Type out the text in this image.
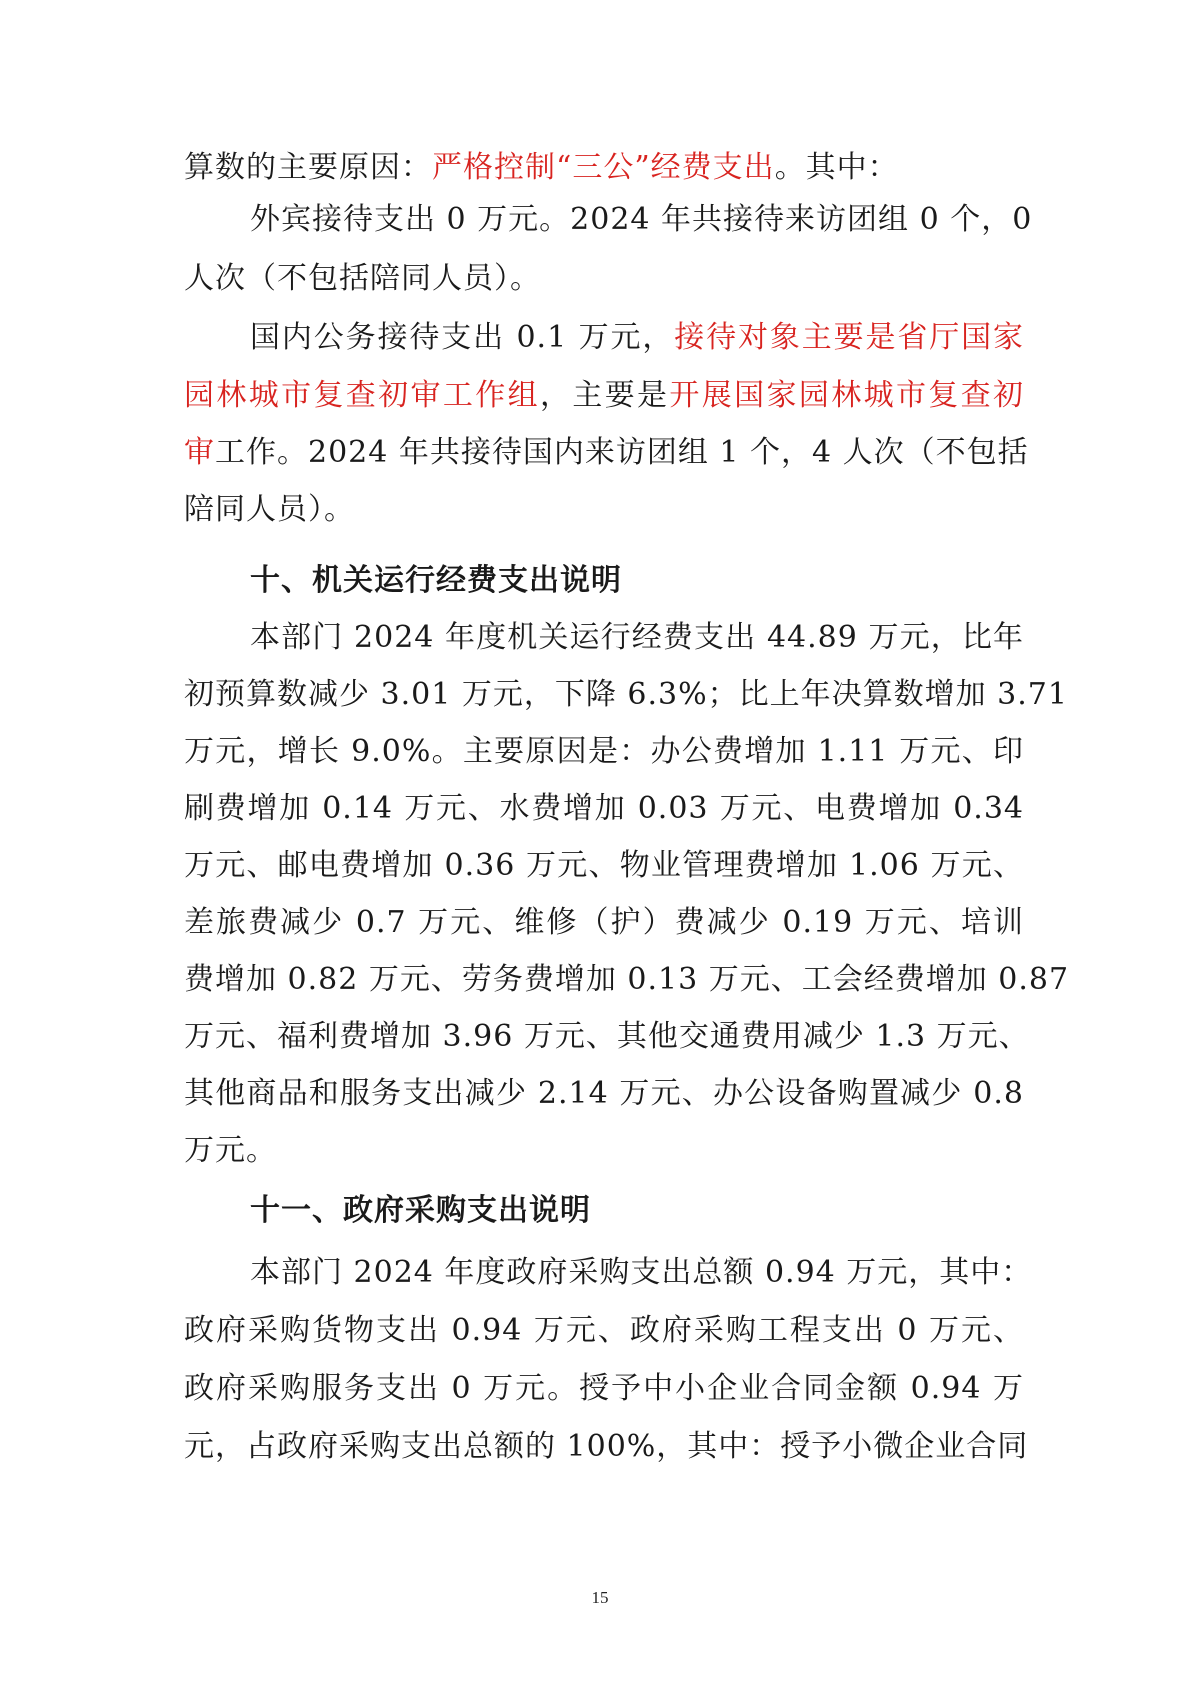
算数的主要原因：严格控制“三公”经费支出。其中：
外宾接待支出 0 万元。2024 年共接待来访团组 0 个，0
人次（不包括陪同人员）。
国内公务接待支出 0.1 万元，接待对象主要是省厅国家
园林城市复查初审工作组，主要是开展国家园林城市复查初
审工作。2024 年共接待国内来访团组 1 个，4 人次（不包括
陪同人员）。
十、机关运行经费支出说明
本部门 2024 年度机关运行经费支出 44.89 万元，比年
初预算数减少 3.01 万元，下降 6.3%；比上年决算数增加 3.71
万元，增长 9.0%。主要原因是：办公费增加 1.11 万元、印
刷费增加 0.14 万元、水费增加 0.03 万元、电费增加 0.34
万元、邮电费增加 0.36 万元、物业管理费增加 1.06 万元、
差旅费减少 0.7 万元、维修（护）费减少 0.19 万元、培训
费增加 0.82 万元、劳务费增加 0.13 万元、工会经费增加 0.87
万元、福利费增加 3.96 万元、其他交通费用减少 1.3 万元、
其他商品和服务支出减少 2.14 万元、办公设备购置减少 0.8
万元。
十一、政府采购支出说明
本部门 2024 年度政府采购支出总额 0.94 万元，其中：
政府采购货物支出 0.94 万元、政府采购工程支出 0 万元、
政府采购服务支出 0 万元。授予中小企业合同金额 0.94 万
元，占政府采购支出总额的 100%，其中：授予小微企业合同
15
